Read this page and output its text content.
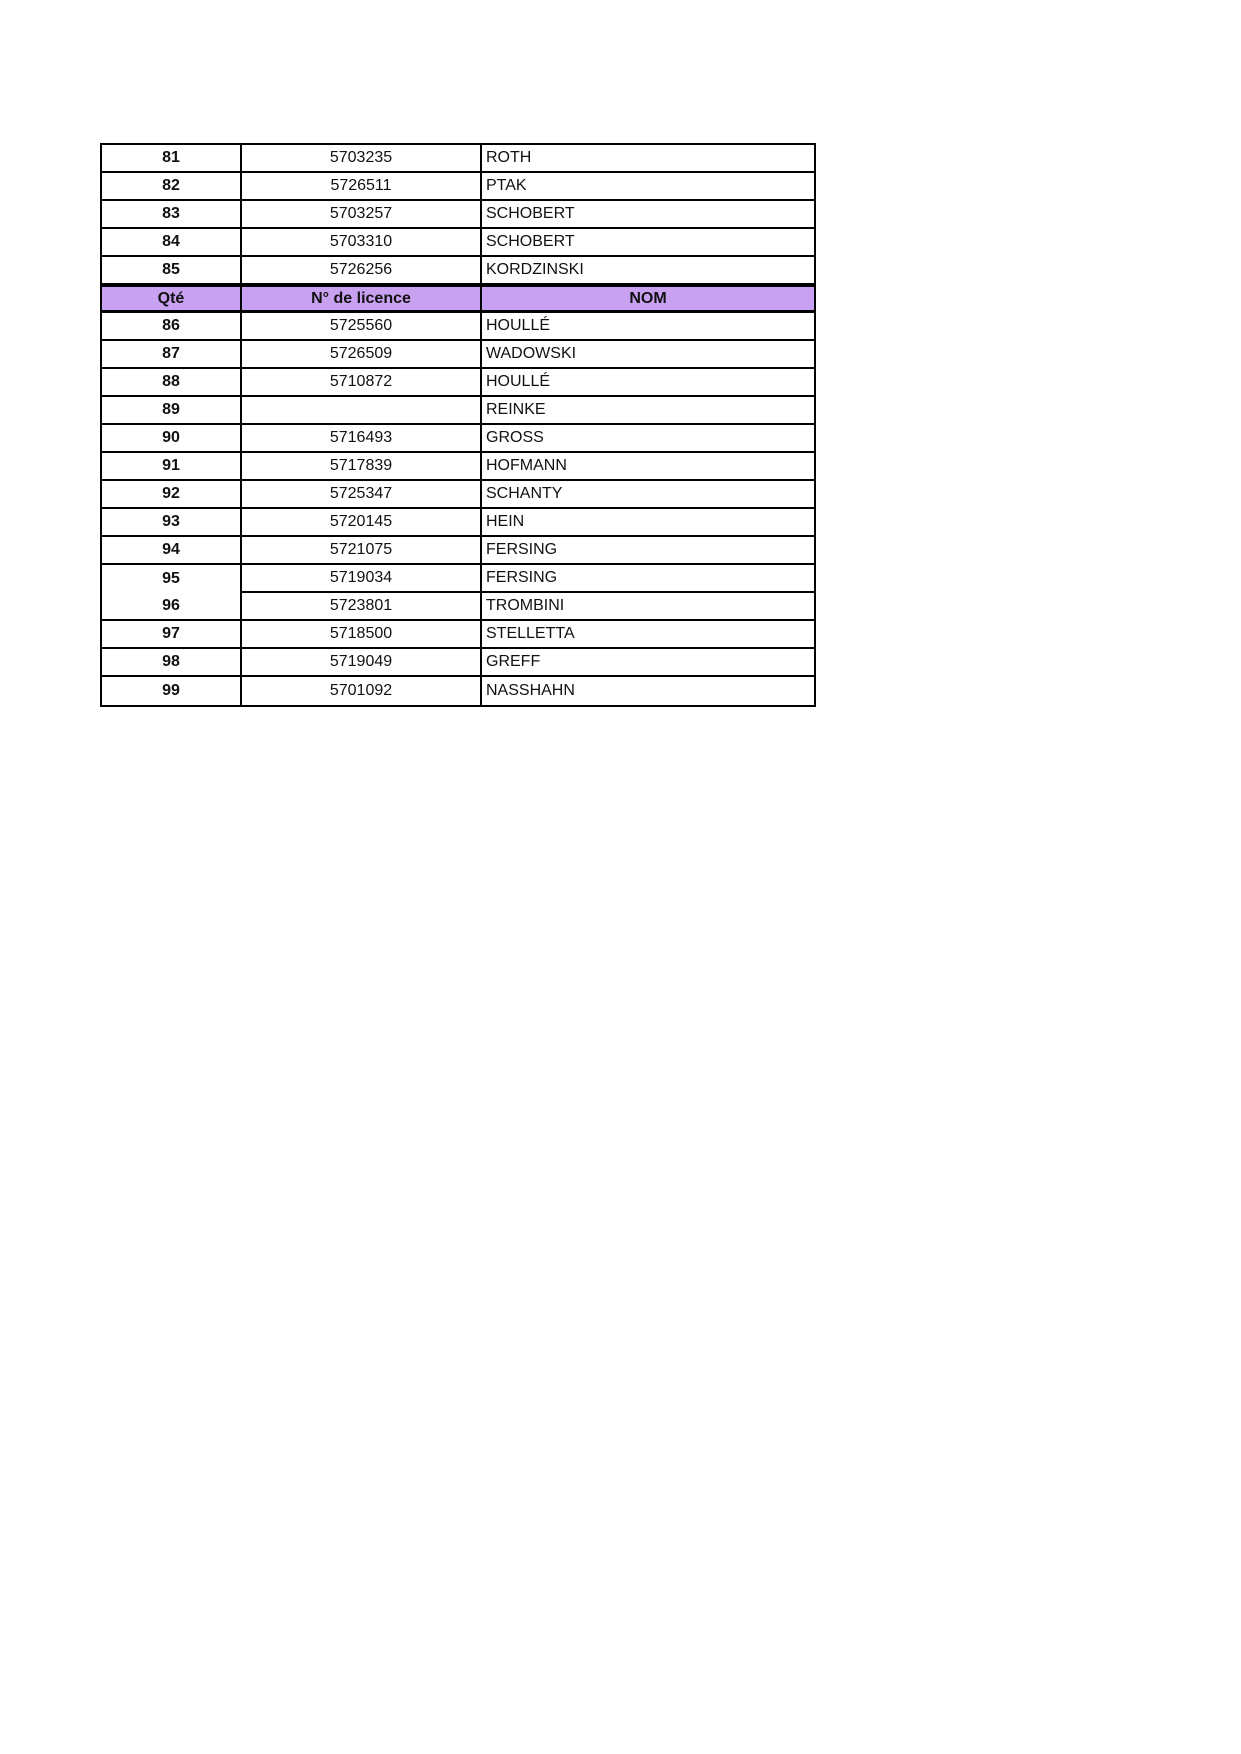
81	5703235	ROTH
82	5726511	PTAK
83	5703257	SCHOBERT
84	5703310	SCHOBERT
85	5726256	KORDZINSKI
Qté	N° de licence	NOM
86	5725560	HOULLÉ
87	5726509	WADOWSKI
88	5710872	HOULLÉ
89		REINKE
90	5716493	GROSS
91	5717839	HOFMANN
92	5725347	SCHANTY
93	5720145	HEIN
94	5721075	FERSING
95	5719034	FERSING
96	5723801	TROMBINI
97	5718500	STELLETTA
98	5719049	GREFF
99	5701092	NASSHAHN
